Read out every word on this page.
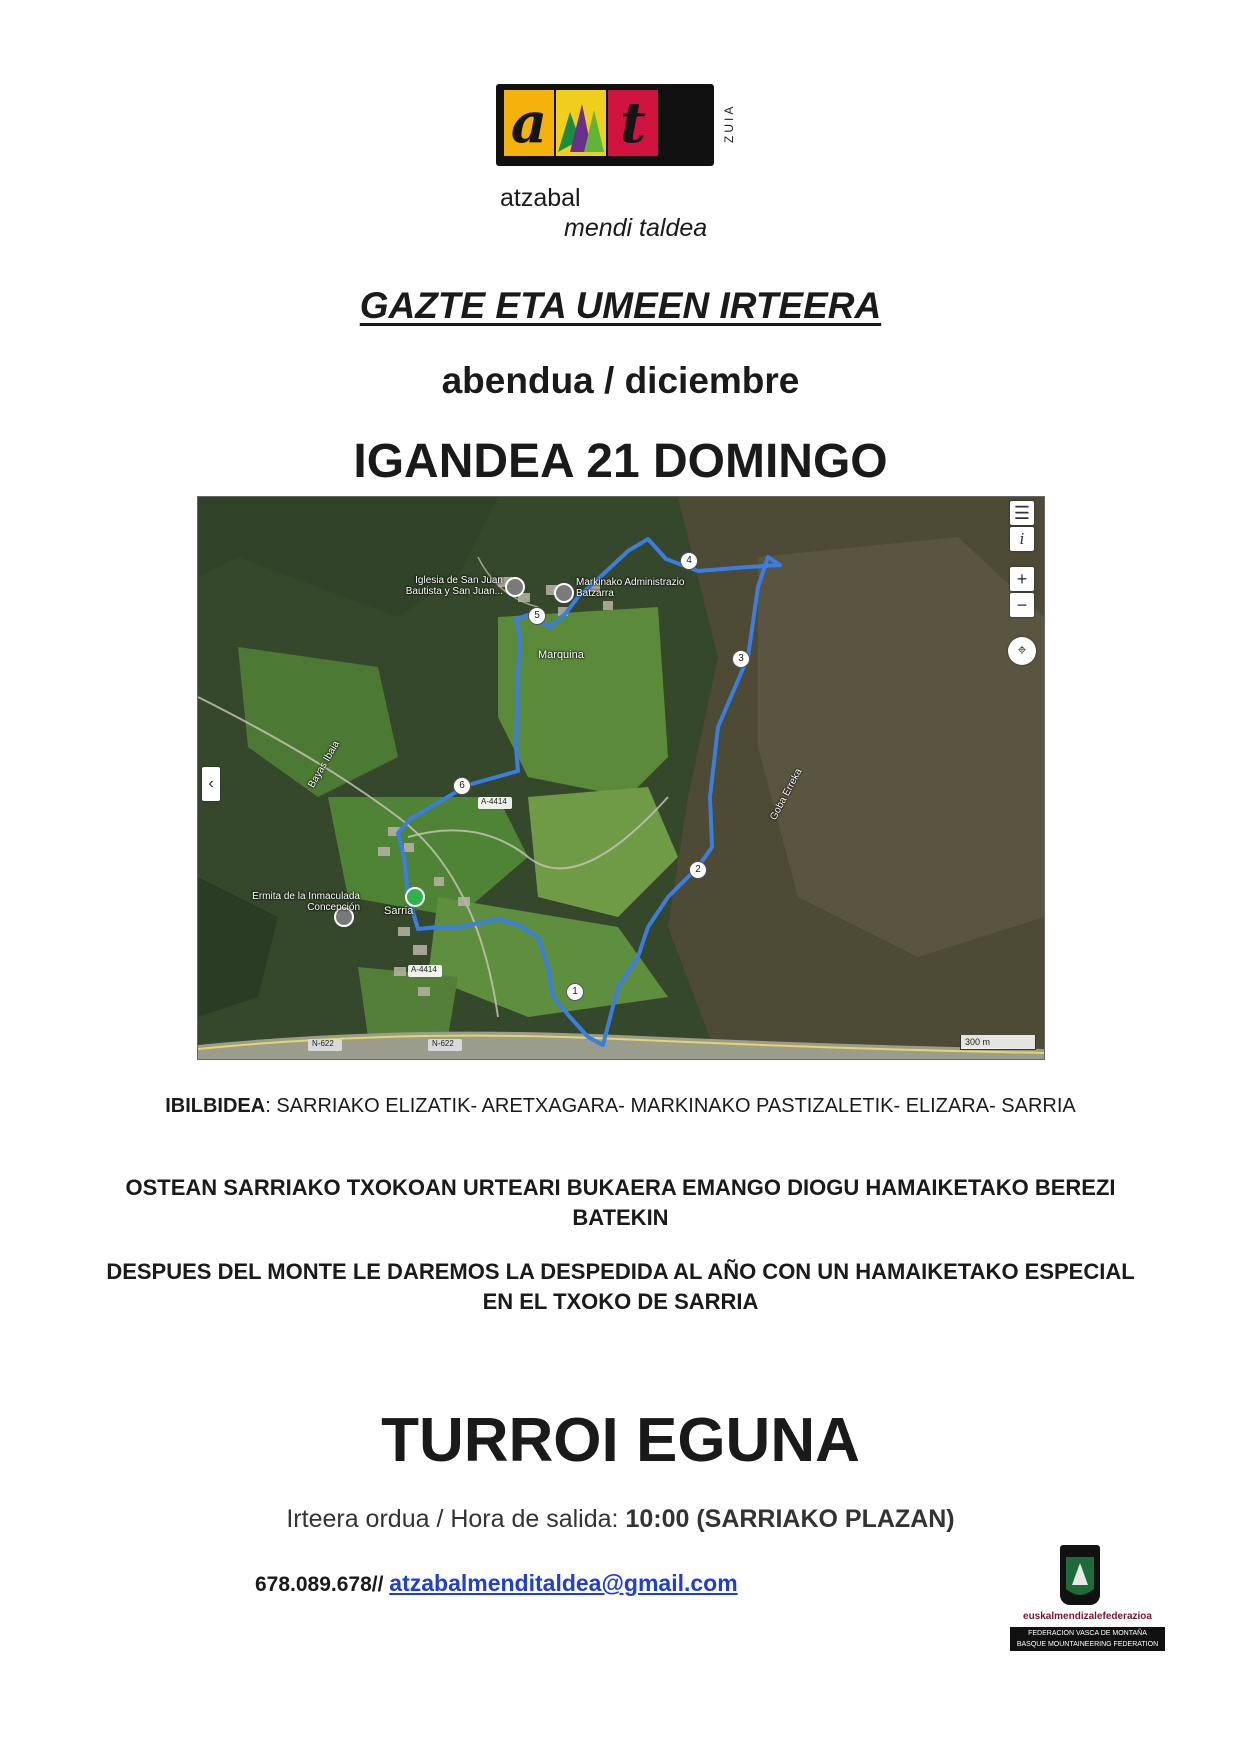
a t	ZUIA
atzabal
mendi taldea
GAZTE ETA UMEEN IRTEERA
abendua / diciembre
IGANDEA 21 DOMINGO
1
2
3
4
5
6
Iglesia de San Juan Bautista y San Juan...
Markinako Administrazio Batzarra
Marquina
Ermita de la Inmaculada Concepción Sarria
Bayas Ibaia
Goba Erreka
A-4414
A-4414
N-622	N-622	300 m
☰
i
+
−
⌖
‹
IBILBIDEA: SARRIAKO ELIZATIK- ARETXAGARA- MARKINAKO PASTIZALETIK- ELIZARA- SARRIA
OSTEAN SARRIAKO TXOKOAN URTEARI BUKAERA EMANGO DIOGU HAMAIKETAKO BEREZI BATEKIN
DESPUES DEL MONTE LE DAREMOS LA DESPEDIDA AL AÑO CON UN HAMAIKETAKO ESPECIAL EN EL TXOKO DE SARRIA
TURROI EGUNA
Irteera ordua / Hora de salida: 10:00 (SARRIAKO PLAZAN)
678.089.678// atzabalmenditaldea@gmail.com
euskalmendizalefederazioa
FEDERACION VASCA DE MONTAÑA
BASQUE MOUNTAINEERING FEDERATION
